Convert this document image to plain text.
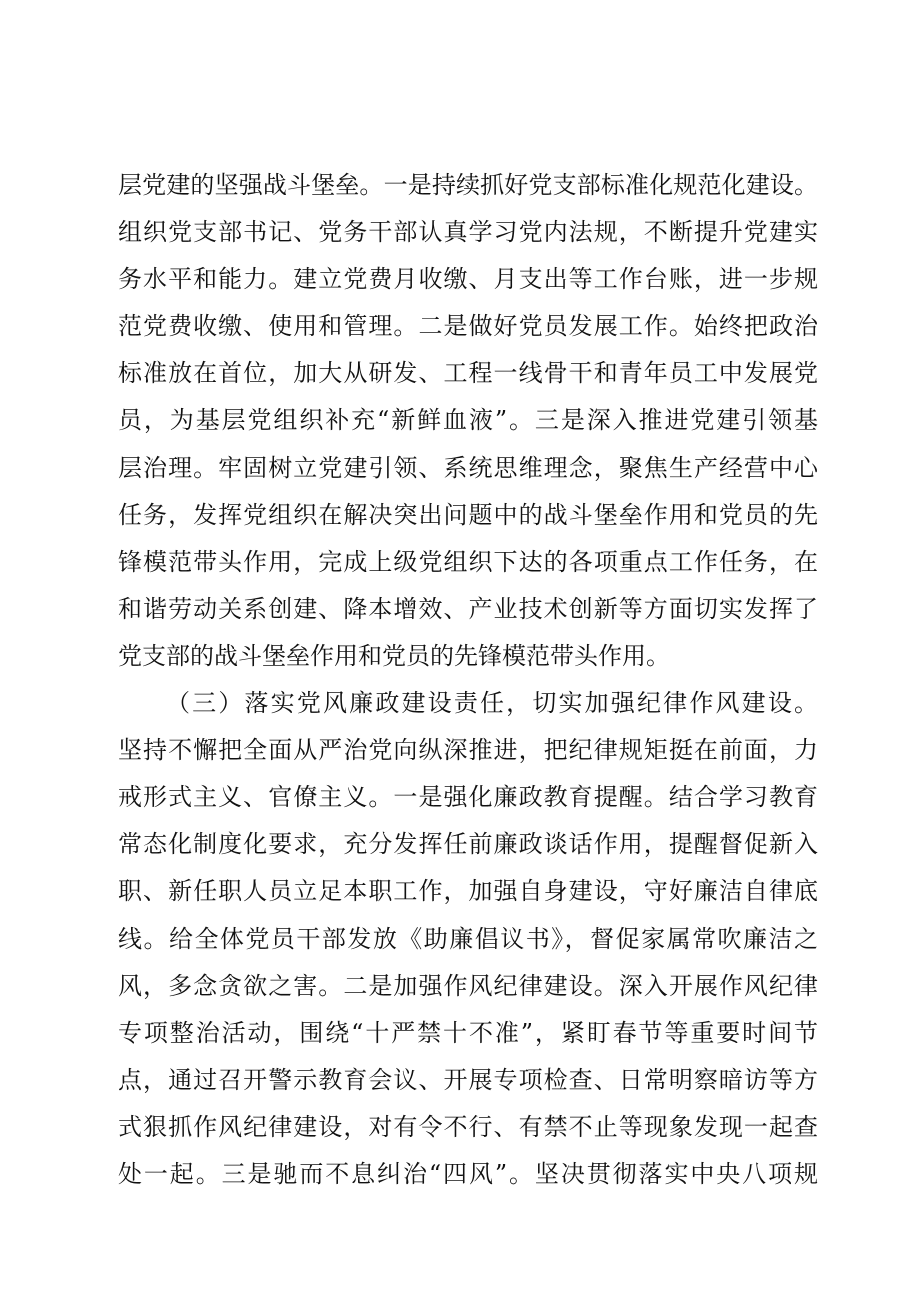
层党建的坚强战斗堡垒。一是持续抓好党支部标准化规范化建设。
组织党支部书记、党务干部认真学习党内法规，不断提升党建实
务水平和能力。建立党费月收缴、月支出等工作台账，进一步规
范党费收缴、使用和管理。二是做好党员发展工作。始终把政治
标准放在首位，加大从研发、工程一线骨干和青年员工中发展党
员，为基层党组织补充“新鲜血液”。三是深入推进党建引领基
层治理。牢固树立党建引领、系统思维理念，聚焦生产经营中心
任务，发挥党组织在解决突出问题中的战斗堡垒作用和党员的先
锋模范带头作用，完成上级党组织下达的各项重点工作任务，在
和谐劳动关系创建、降本增效、产业技术创新等方面切实发挥了
党支部的战斗堡垒作用和党员的先锋模范带头作用。
（三）落实党风廉政建设责任，切实加强纪律作风建设。
坚持不懈把全面从严治党向纵深推进，把纪律规矩挺在前面，力
戒形式主义、官僚主义。一是强化廉政教育提醒。结合学习教育
常态化制度化要求，充分发挥任前廉政谈话作用，提醒督促新入
职、新任职人员立足本职工作，加强自身建设，守好廉洁自律底
线。给全体党员干部发放《助廉倡议书》，督促家属常吹廉洁之
风，多念贪欲之害。二是加强作风纪律建设。深入开展作风纪律
专项整治活动，围绕“十严禁十不准”，紧盯春节等重要时间节
点，通过召开警示教育会议、开展专项检查、日常明察暗访等方
式狠抓作风纪律建设，对有令不行、有禁不止等现象发现一起查
处一起。三是驰而不息纠治“四风”。坚决贯彻落实中央八项规
